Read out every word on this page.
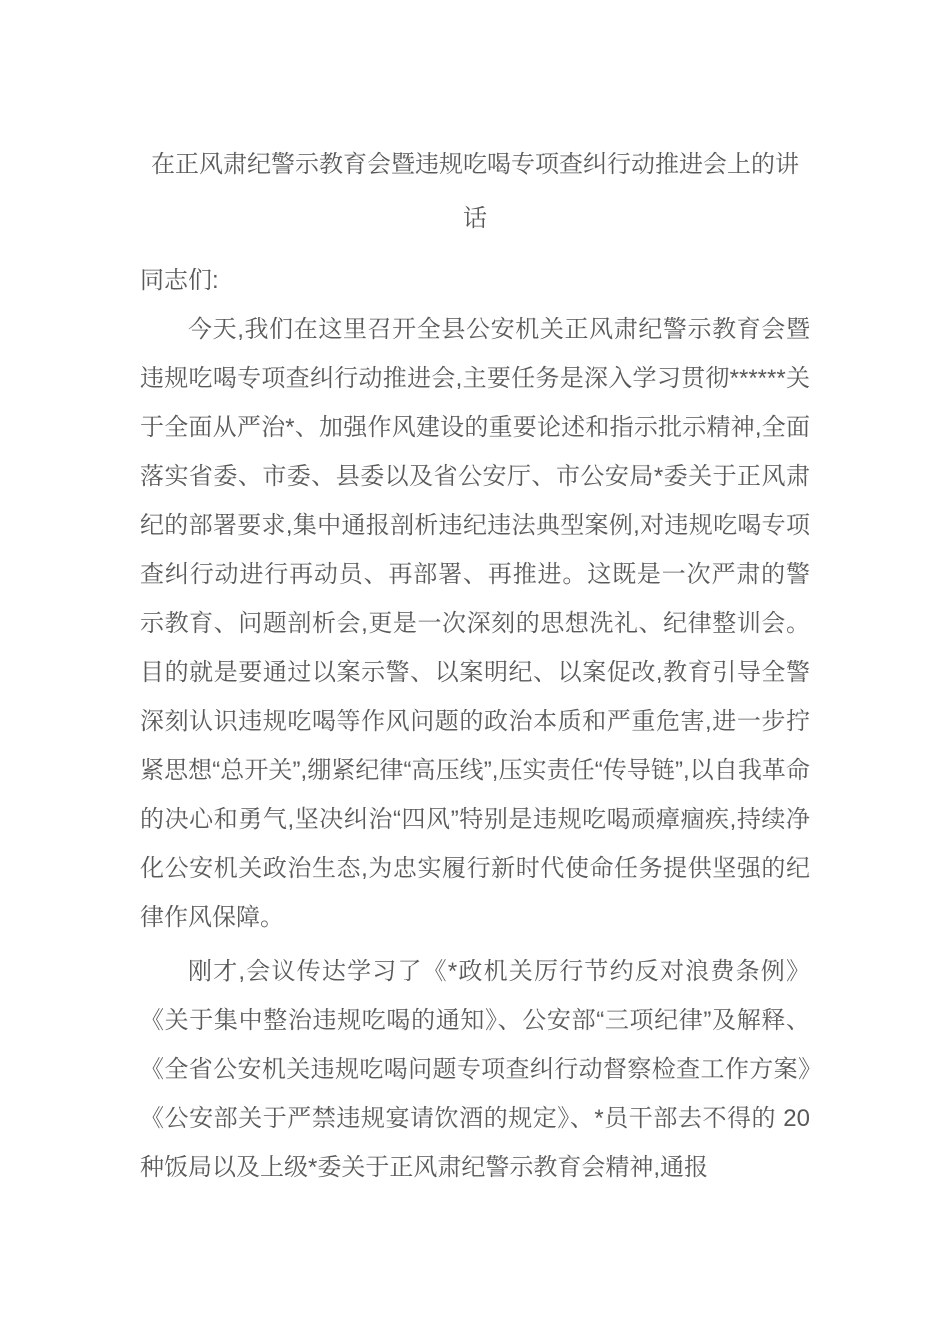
在正风肃纪警示教育会暨违规吃喝专项查纠行动推进会上的讲话

同志们:

今天,我们在这里召开全县公安机关正风肃纪警示教育会暨违规吃喝专项查纠行动推进会,主要任务是深入学习贯彻******关于全面从严治*、加强作风建设的重要论述和指示批示精神,全面落实省委、市委、县委以及省公安厅、市公安局*委关于正风肃纪的部署要求,集中通报剖析违纪违法典型案例,对违规吃喝专项查纠行动进行再动员、再部署、再推进。这既是一次严肃的警示教育、问题剖析会,更是一次深刻的思想洗礼、纪律整训会。目的就是要通过以案示警、以案明纪、以案促改,教育引导全警深刻认识违规吃喝等作风问题的政治本质和严重危害,进一步拧紧思想“总开关”,绷紧纪律“高压线”,压实责任“传导链”,以自我革命的决心和勇气,坚决纠治“四风”特别是违规吃喝顽瘴痼疾,持续净化公安机关政治生态,为忠实履行新时代使命任务提供坚强的纪律作风保障。

刚才,会议传达学习了《*政机关厉行节约反对浪费条例》《关于集中整治违规吃喝的通知》、公安部“三项纪律”及解释、《全省公安机关违规吃喝问题专项查纠行动督察检查工作方案》《公安部关于严禁违规宴请饮酒的规定》、*员干部去不得的 20 种饭局以及上级*委关于正风肃纪警示教育会精神,通报
